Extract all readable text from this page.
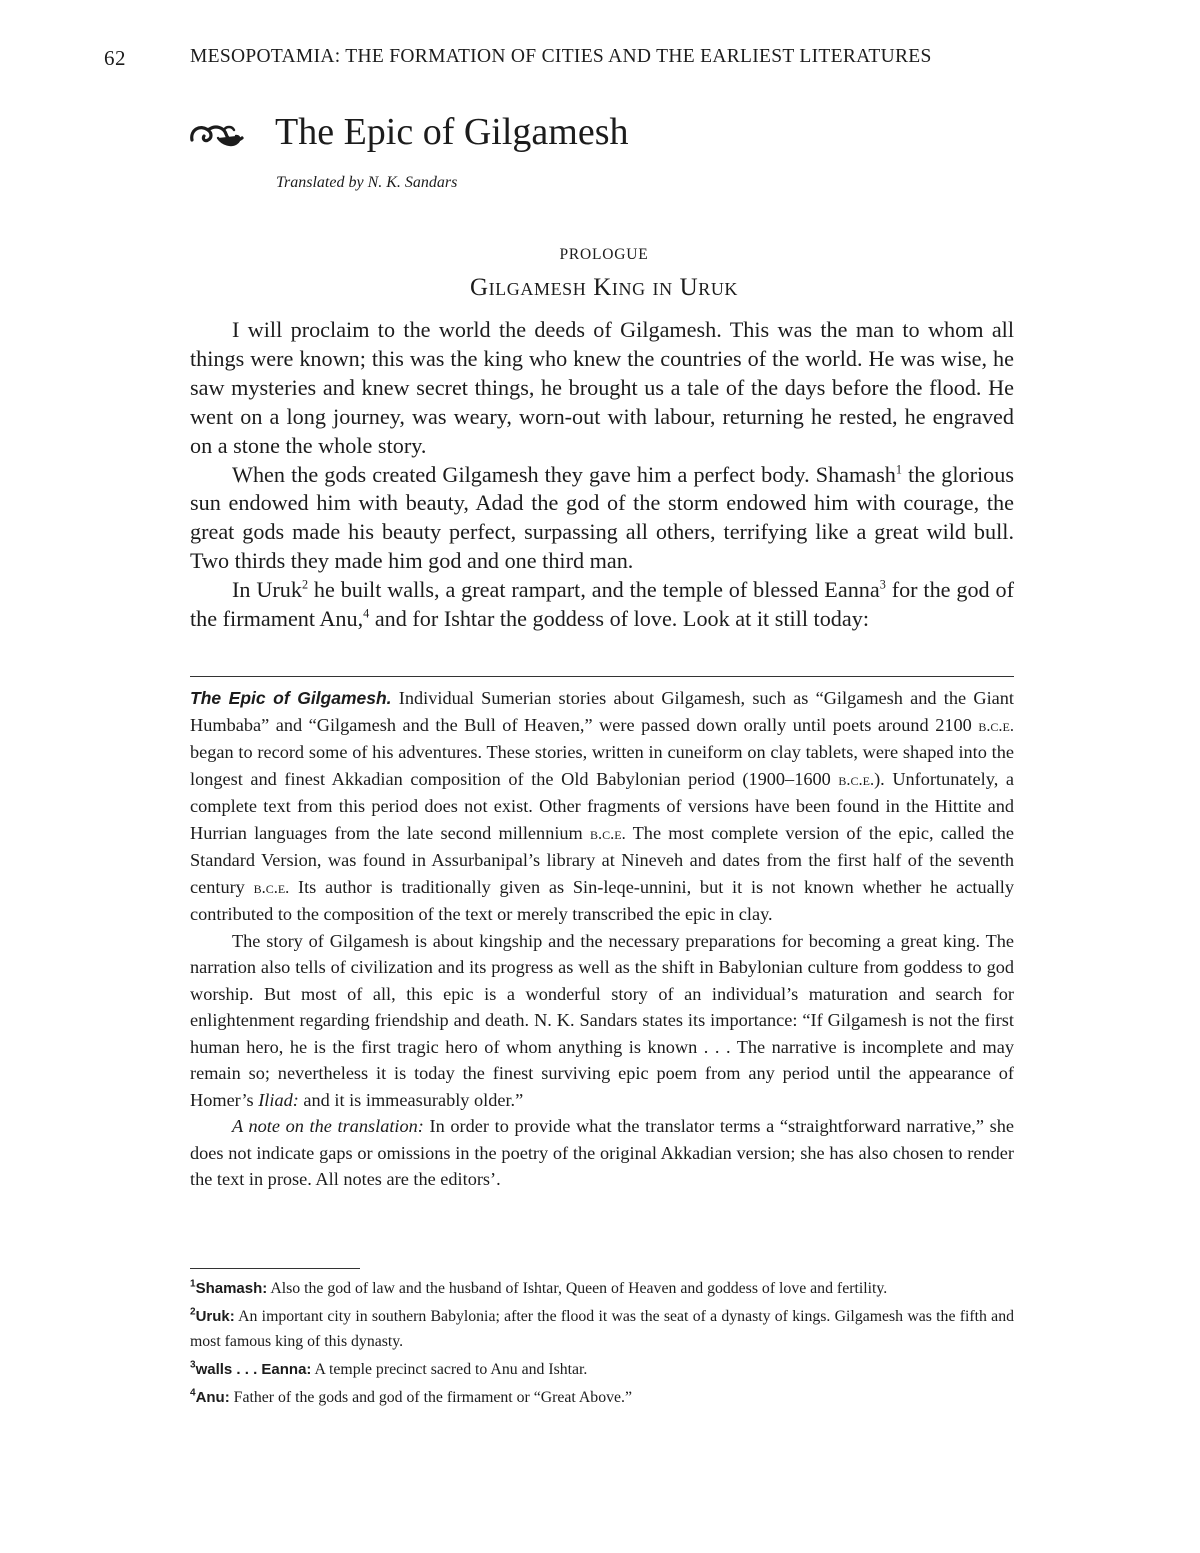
62	MESOPOTAMIA: THE FORMATION OF CITIES AND THE EARLIEST LITERATURES
The Epic of Gilgamesh
Translated by N. K. Sandars
PROLOGUE
Gilgamesh King in Uruk

I will proclaim to the world the deeds of Gilgamesh. This was the man to whom all things were known; this was the king who knew the countries of the world. He was wise, he saw mysteries and knew secret things, he brought us a tale of the days before the flood. He went on a long journey, was weary, worn-out with labour, returning he rested, he engraved on a stone the whole story.

When the gods created Gilgamesh they gave him a perfect body. Shamash$^1$ the glorious sun endowed him with beauty, Adad the god of the storm endowed him with courage, the great gods made his beauty perfect, surpassing all others, terrifying like a great wild bull. Two thirds they made him god and one third man.

In Uruk$^2$ he built walls, a great rampart, and the temple of blessed Eanna$^3$ for the god of the firmament Anu,$^4$ and for Ishtar the goddess of love. Look at it still today:

The Epic of Gilgamesh. Individual Sumerian stories about Gilgamesh, such as “Gilgamesh and the Giant Humbaba” and “Gilgamesh and the Bull of Heaven,” were passed down orally until poets around 2100 b.c.e. began to record some of his adventures. These stories, written in cuneiform on clay tablets, were shaped into the longest and finest Akkadian composition of the Old Babylonian period (1900–1600 b.c.e.). Unfortunately, a complete text from this period does not exist. Other fragments of versions have been found in the Hittite and Hurrian languages from the late second millennium b.c.e. The most complete version of the epic, called the Standard Version, was found in Assurbanipal’s library at Nineveh and dates from the first half of the seventh century b.c.e. Its author is traditionally given as Sin-leqe-unnini, but it is not known whether he actually contributed to the composition of the text or merely transcribed the epic in clay.

The story of Gilgamesh is about kingship and the necessary preparations for becoming a great king. The narration also tells of civilization and its progress as well as the shift in Babylonian culture from goddess to god worship. But most of all, this epic is a wonderful story of an individual’s maturation and search for enlightenment regarding friendship and death. N. K. Sandars states its importance: “If Gilgamesh is not the first human hero, he is the first tragic hero of whom anything is known . . . The narrative is incomplete and may remain so; nevertheless it is today the finest surviving epic poem from any period until the appearance of Homer’s Iliad: and it is immeasurably older.”

A note on the translation: In order to provide what the translator terms a “straightforward narrative,” she does not indicate gaps or omissions in the poetry of the original Akkadian version; she has also chosen to render the text in prose. All notes are the editors’.

$^1$Shamash: Also the god of law and the husband of Ishtar, Queen of Heaven and goddess of love and fertility.

$^2$Uruk: An important city in southern Babylonia; after the flood it was the seat of a dynasty of kings. Gilgamesh was the fifth and most famous king of this dynasty.

$^3$walls . . . Eanna: A temple precinct sacred to Anu and Ishtar.

$^4$Anu: Father of the gods and god of the firmament or “Great Above.”
